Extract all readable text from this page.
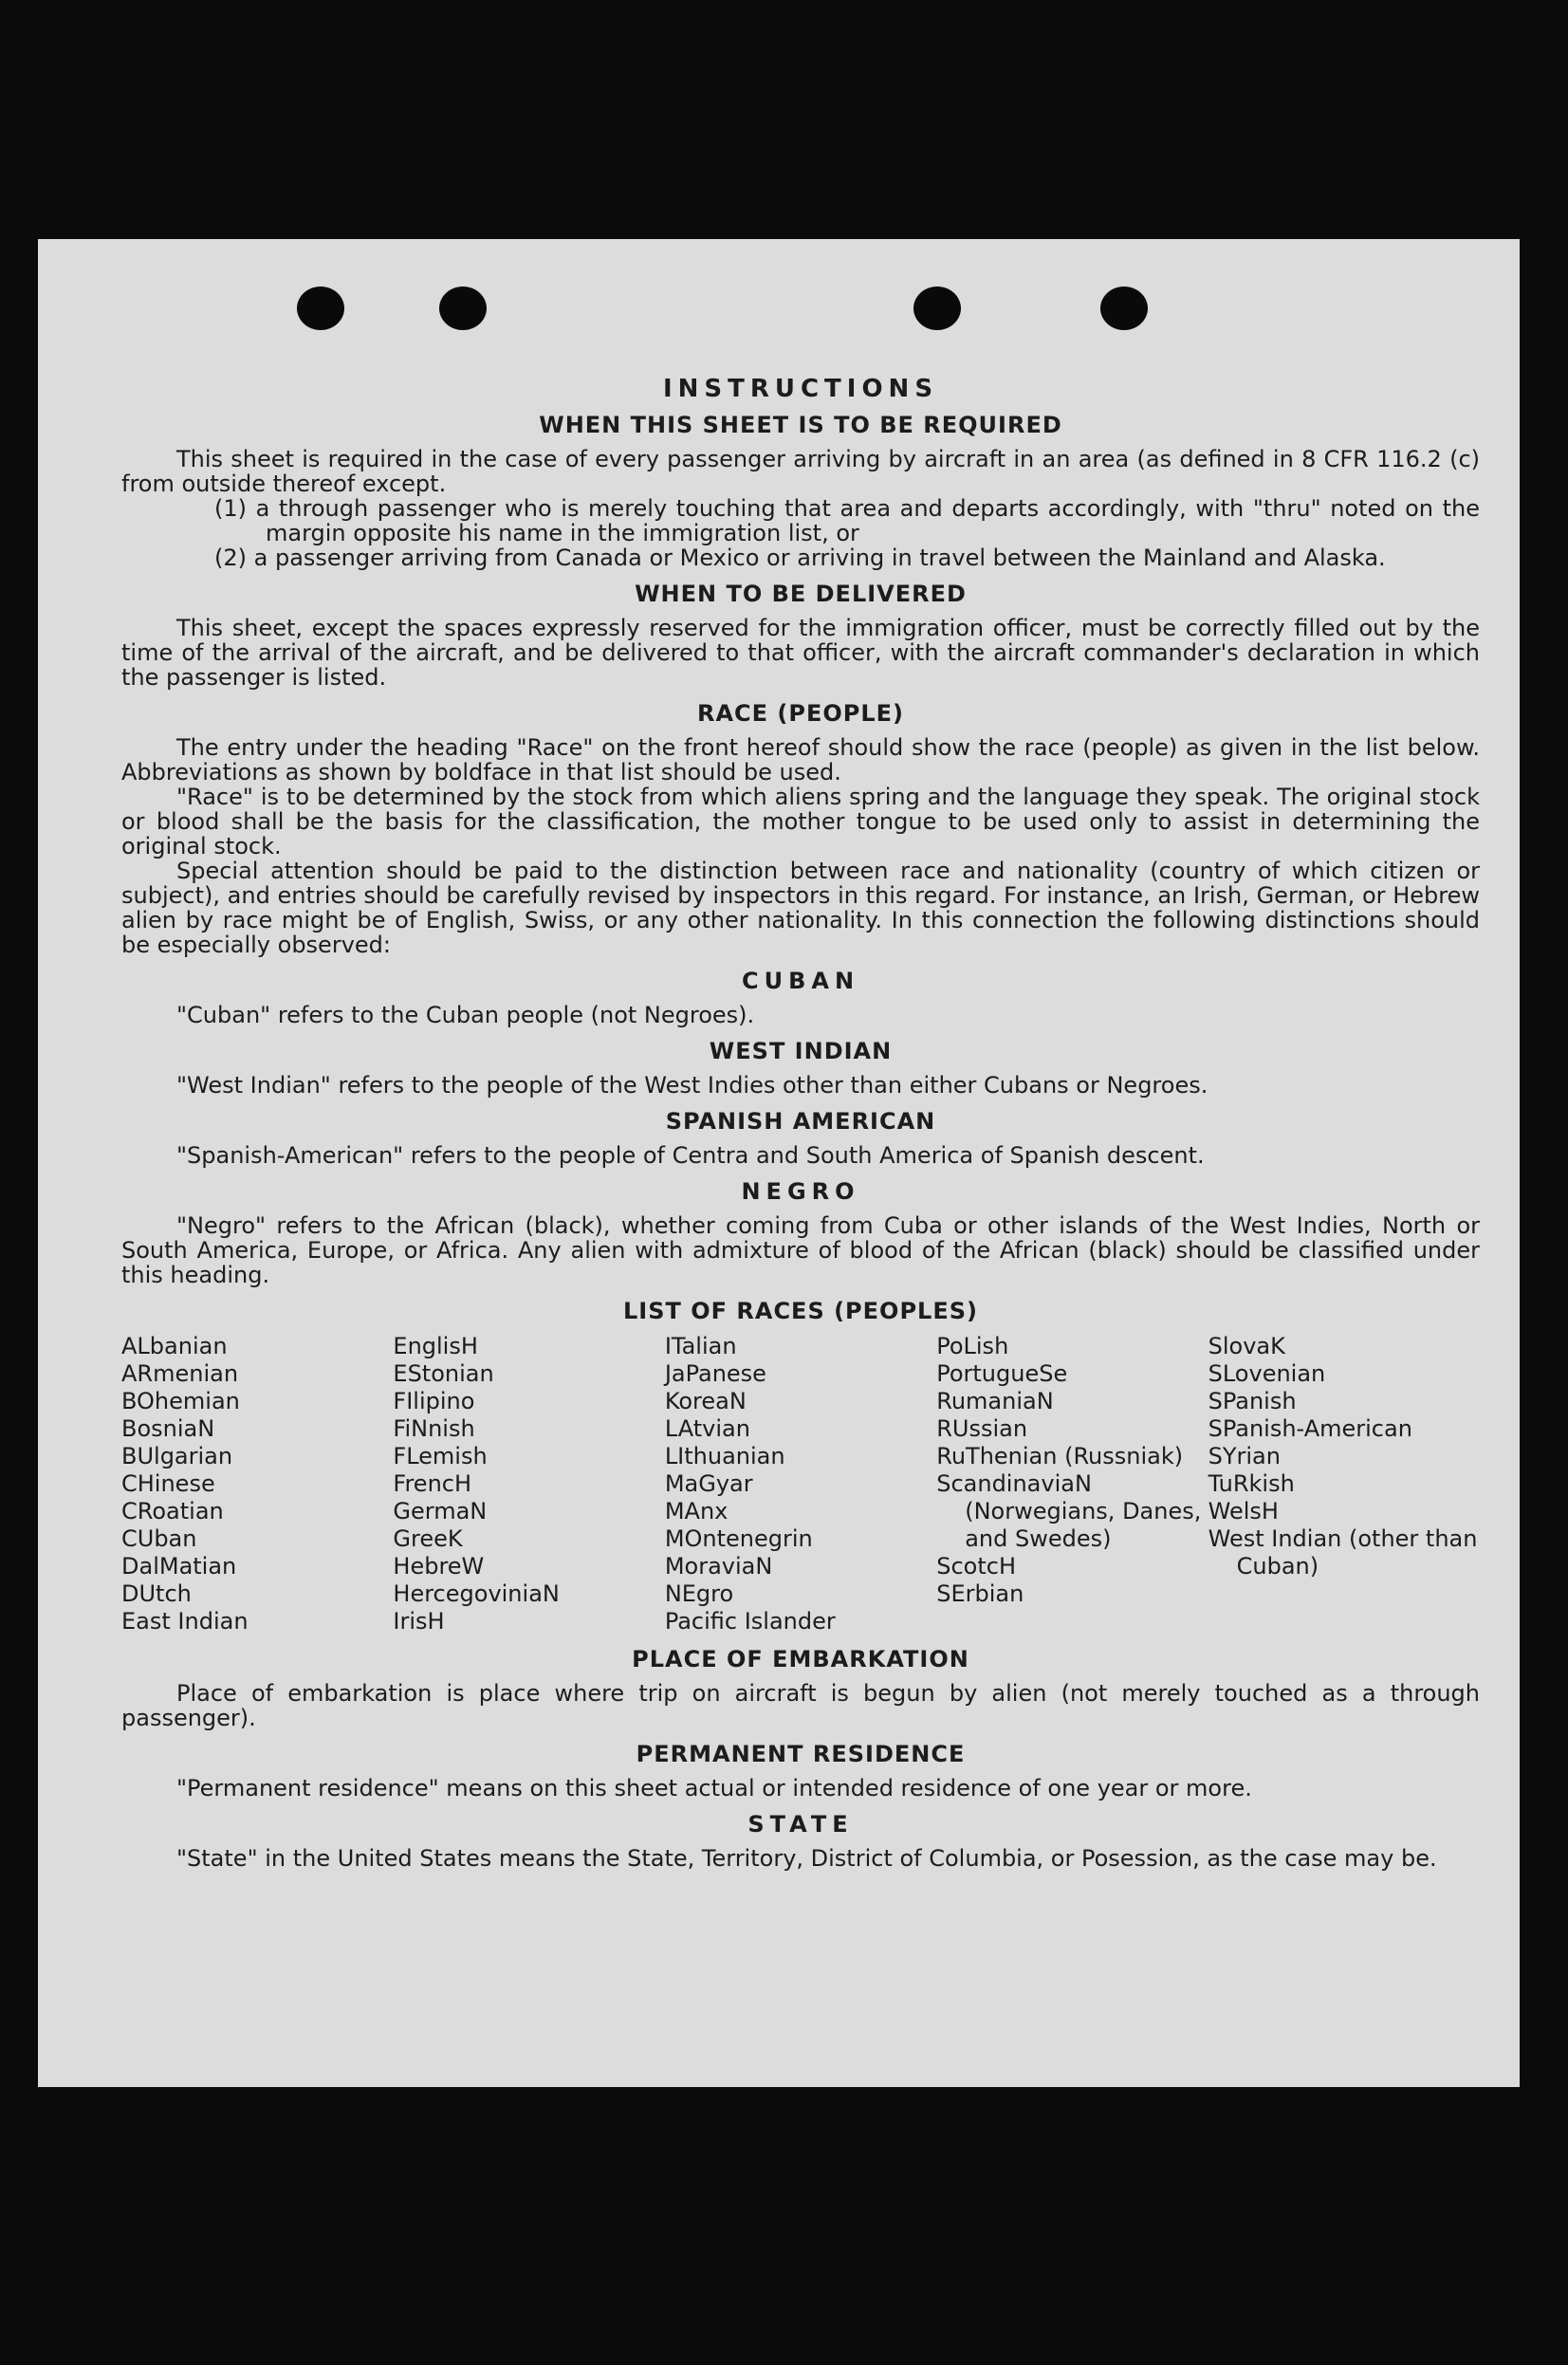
INSTRUCTIONS
WHEN THIS SHEET IS TO BE REQUIRED

This sheet is required in the case of every passenger arriving by aircraft in an area (as defined in 8 CFR 116.2 (c) from outside thereof except.

(1) a through passenger who is merely touching that area and departs accordingly, with "thru" noted on the margin opposite his name in the immigration list, or

(2) a passenger arriving from Canada or Mexico or arriving in travel between the Mainland and Alaska.

WHEN TO BE DELIVERED

This sheet, except the spaces expressly reserved for the immigration officer, must be correctly filled out by the time of the arrival of the aircraft, and be delivered to that officer, with the aircraft commander's declaration in which the passenger is listed.

RACE (PEOPLE)

The entry under the heading "Race" on the front hereof should show the race (people) as given in the list below. Abbreviations as shown by boldface in that list should be used.

"Race" is to be determined by the stock from which aliens spring and the language they speak. The original stock or blood shall be the basis for the classification, the mother tongue to be used only to assist in determining the original stock.

Special attention should be paid to the distinction between race and nationality (country of which citizen or subject), and entries should be carefully revised by inspectors in this regard. For instance, an Irish, German, or Hebrew alien by race might be of English, Swiss, or any other nationality. In this connection the following distinctions should be especially observed:

CUBAN

"Cuban" refers to the Cuban people (not Negroes).

WEST INDIAN

"West Indian" refers to the people of the West Indies other than either Cubans or Negroes.

SPANISH AMERICAN

"Spanish-American" refers to the people of Centra and South America of Spanish descent.

NEGRO

"Negro" refers to the African (black), whether coming from Cuba or other islands of the West Indies, North or South America, Europe, or Africa. Any alien with admixture of blood of the African (black) should be classified under this heading.

LIST OF RACES (PEOPLES)
ALbanian
ARmenian
BOhemian
BosniaN
BUlgarian
CHinese
CRoatian
CUban
DalMatian
DUtch
East Indian
EnglisH
EStonian
FIlipino
FiNnish
FLemish
FrencH
GermaN
GreeK
HebreW
HercegoviniaN
IrisH
ITalian
JaPanese
KoreaN
LAtvian
LIthuanian
MaGyar
MAnx
MOntenegrin
MoraviaN
NEgro
Pacific Islander
PoLish
PortugueSe
RumaniaN
RUssian
RuThenian (Russniak)
ScandinaviaN (Norwegians, Danes, and Swedes)
ScotcH
SErbian
SlovaK
SLovenian
SPanish
SPanish-American
SYrian
TuRkish
WelsH
West Indian (other than Cuban)
PLACE OF EMBARKATION

Place of embarkation is place where trip on aircraft is begun by alien (not merely touched as a through passenger).

PERMANENT RESIDENCE

"Permanent residence" means on this sheet actual or intended residence of one year or more.

STATE

"State" in the United States means the State, Territory, District of Columbia, or Posession, as the case may be.
